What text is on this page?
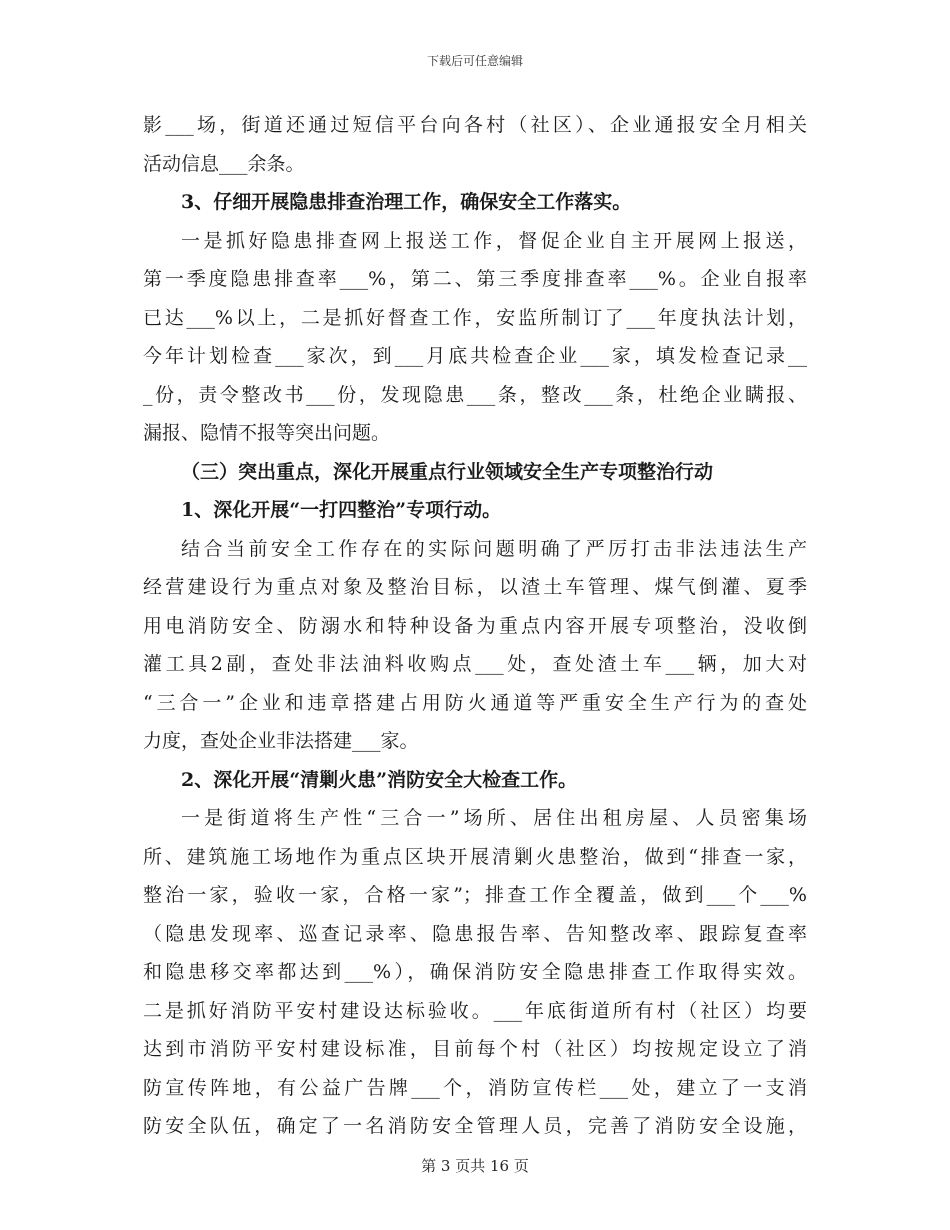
下载后可任意编辑
影___场，街道还通过短信平台向各村（社区）、企业通报安全月相关
活动信息___余条。
3、仔细开展隐患排查治理工作，确保安全工作落实。
一是抓好隐患排查网上报送工作，督促企业自主开展网上报送，
第一季度隐患排查率___%，第二、第三季度排查率___%。企业自报率
已达___%以上，二是抓好督查工作，安监所制订了___年度执法计划，
今年计划检查___家次，到___月底共检查企业___家，填发检查记录__
_份，责令整改书___份，发现隐患___条，整改___条，杜绝企业瞒报、
漏报、隐情不报等突出问题。
（三）突出重点，深化开展重点行业领域安全生产专项整治行动
1、深化开展“一打四整治”专项行动。
结合当前安全工作存在的实际问题明确了严厉打击非法违法生产
经营建设行为重点对象及整治目标，以渣土车管理、煤气倒灌、夏季
用电消防安全、防溺水和特种设备为重点内容开展专项整治，没收倒
灌工具2副，查处非法油料收购点___处，查处渣土车___辆，加大对
“三合一”企业和违章搭建占用防火通道等严重安全生产行为的查处
力度，查处企业非法搭建___家。
2、深化开展“清剿火患”消防安全大检查工作。
一是街道将生产性“三合一”场所、居住出租房屋、人员密集场
所、建筑施工场地作为重点区块开展清剿火患整治，做到“排查一家，
整治一家，验收一家，合格一家”；排查工作全覆盖，做到___个___%
（隐患发现率、巡查记录率、隐患报告率、告知整改率、跟踪复查率
和隐患移交率都达到___%），确保消防安全隐患排查工作取得实效。
二是抓好消防平安村建设达标验收。___年底街道所有村（社区）均要
达到市消防平安村建设标准，目前每个村（社区）均按规定设立了消
防宣传阵地，有公益广告牌___个，消防宣传栏___处，建立了一支消
防安全队伍，确定了一名消防安全管理人员，完善了消防安全设施，
第 3 页共 16 页
